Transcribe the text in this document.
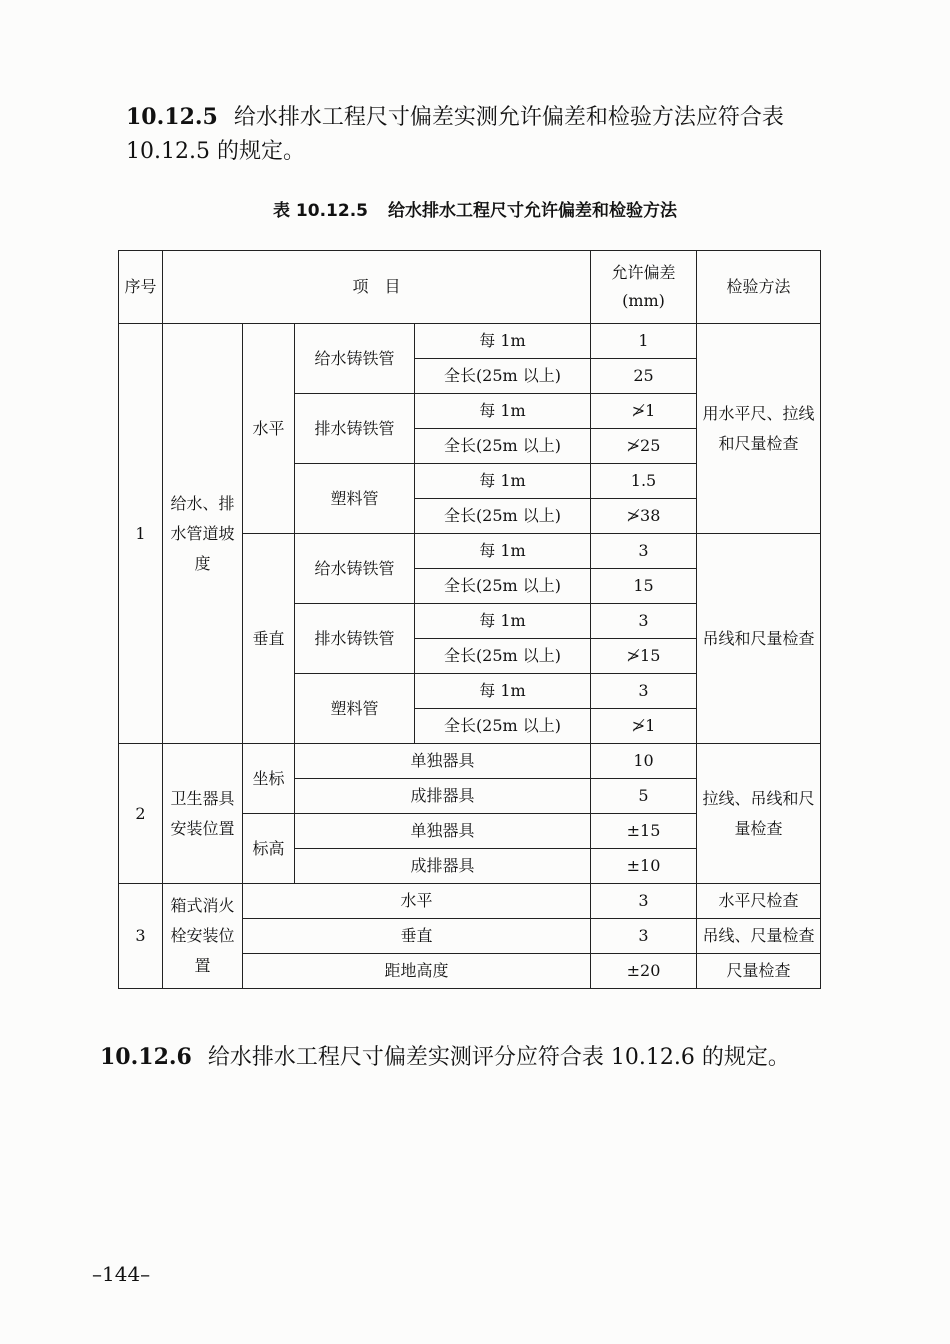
10.12.5 给水排水工程尺寸偏差实测允许偏差和检验方法应符合表 10.12.5 的规定。
表 10.12.5 给水排水工程尺寸允许偏差和检验方法
序号	项　目				允许偏差 (mm)	检验方法
1	给水、排水管道坡度	水平	给水铸铁管	每 1m	1	用水平尺、拉线和尺量检查
				全长(25m 以上)	25	
			排水铸铁管	每 1m	≯1	
				全长(25m 以上)	≯25	
			塑料管	每 1m	1.5	
				全长(25m 以上)	≯38	
		垂直	给水铸铁管	每 1m	3	吊线和尺量检查
				全长(25m 以上)	15	
			排水铸铁管	每 1m	3	
				全长(25m 以上)	≯15	
			塑料管	每 1m	3	
				全长(25m 以上)	≯1	
2	卫生器具安装位置	坐标	单独器具		10	拉线、吊线和尺量检查
			成排器具		5	
		标高	单独器具		±15	
			成排器具		±10	
3	箱式消火栓安装位置	水平			3	水平尺检查
		垂直			3	吊线、尺量检查
		距地高度			±20	尺量检查
10.12.6 给水排水工程尺寸偏差实测评分应符合表 10.12.6 的规定。
–144–
